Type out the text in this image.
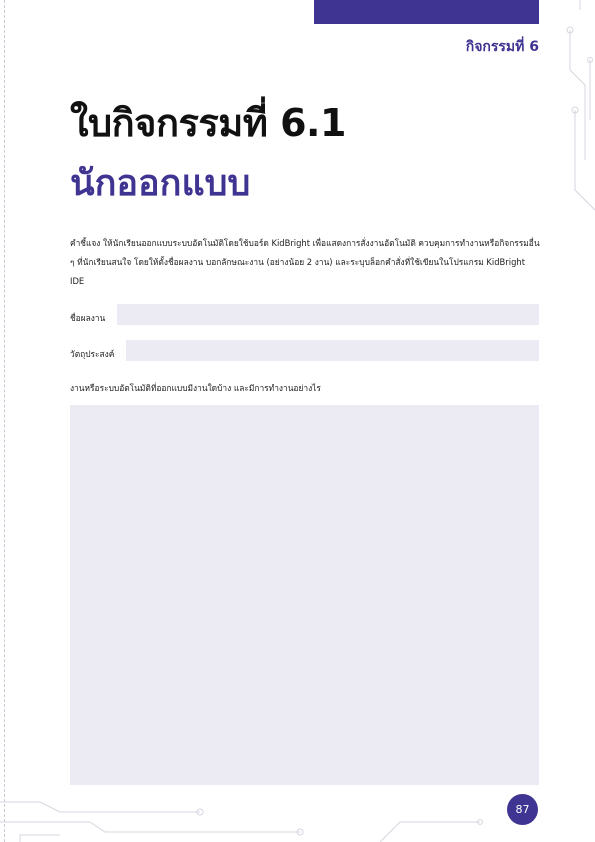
กิจกรรมที่ 6
ใบกิจกรรมที่ 6.1
นักออกแบบ

คำชี้แจง ให้นักเรียนออกแบบระบบอัตโนมัติโดยใช้บอร์ด KidBright เพื่อแสดงการสั่งงานอัตโนมัติ ควบคุมการทำงานหรือกิจกรรมอื่น ๆ ที่นักเรียนสนใจ โดยให้ตั้งชื่อผลงาน บอกลักษณะงาน (อย่างน้อย 2 งาน) และระบุบล็อกคำสั่งที่ใช้เขียนในโปรแกรม KidBright IDE

ชื่อผลงาน
วัตถุประสงค์
งานหรือระบบอัตโนมัติที่ออกแบบมีงานใดบ้าง และมีการทำงานอย่างไร
87
